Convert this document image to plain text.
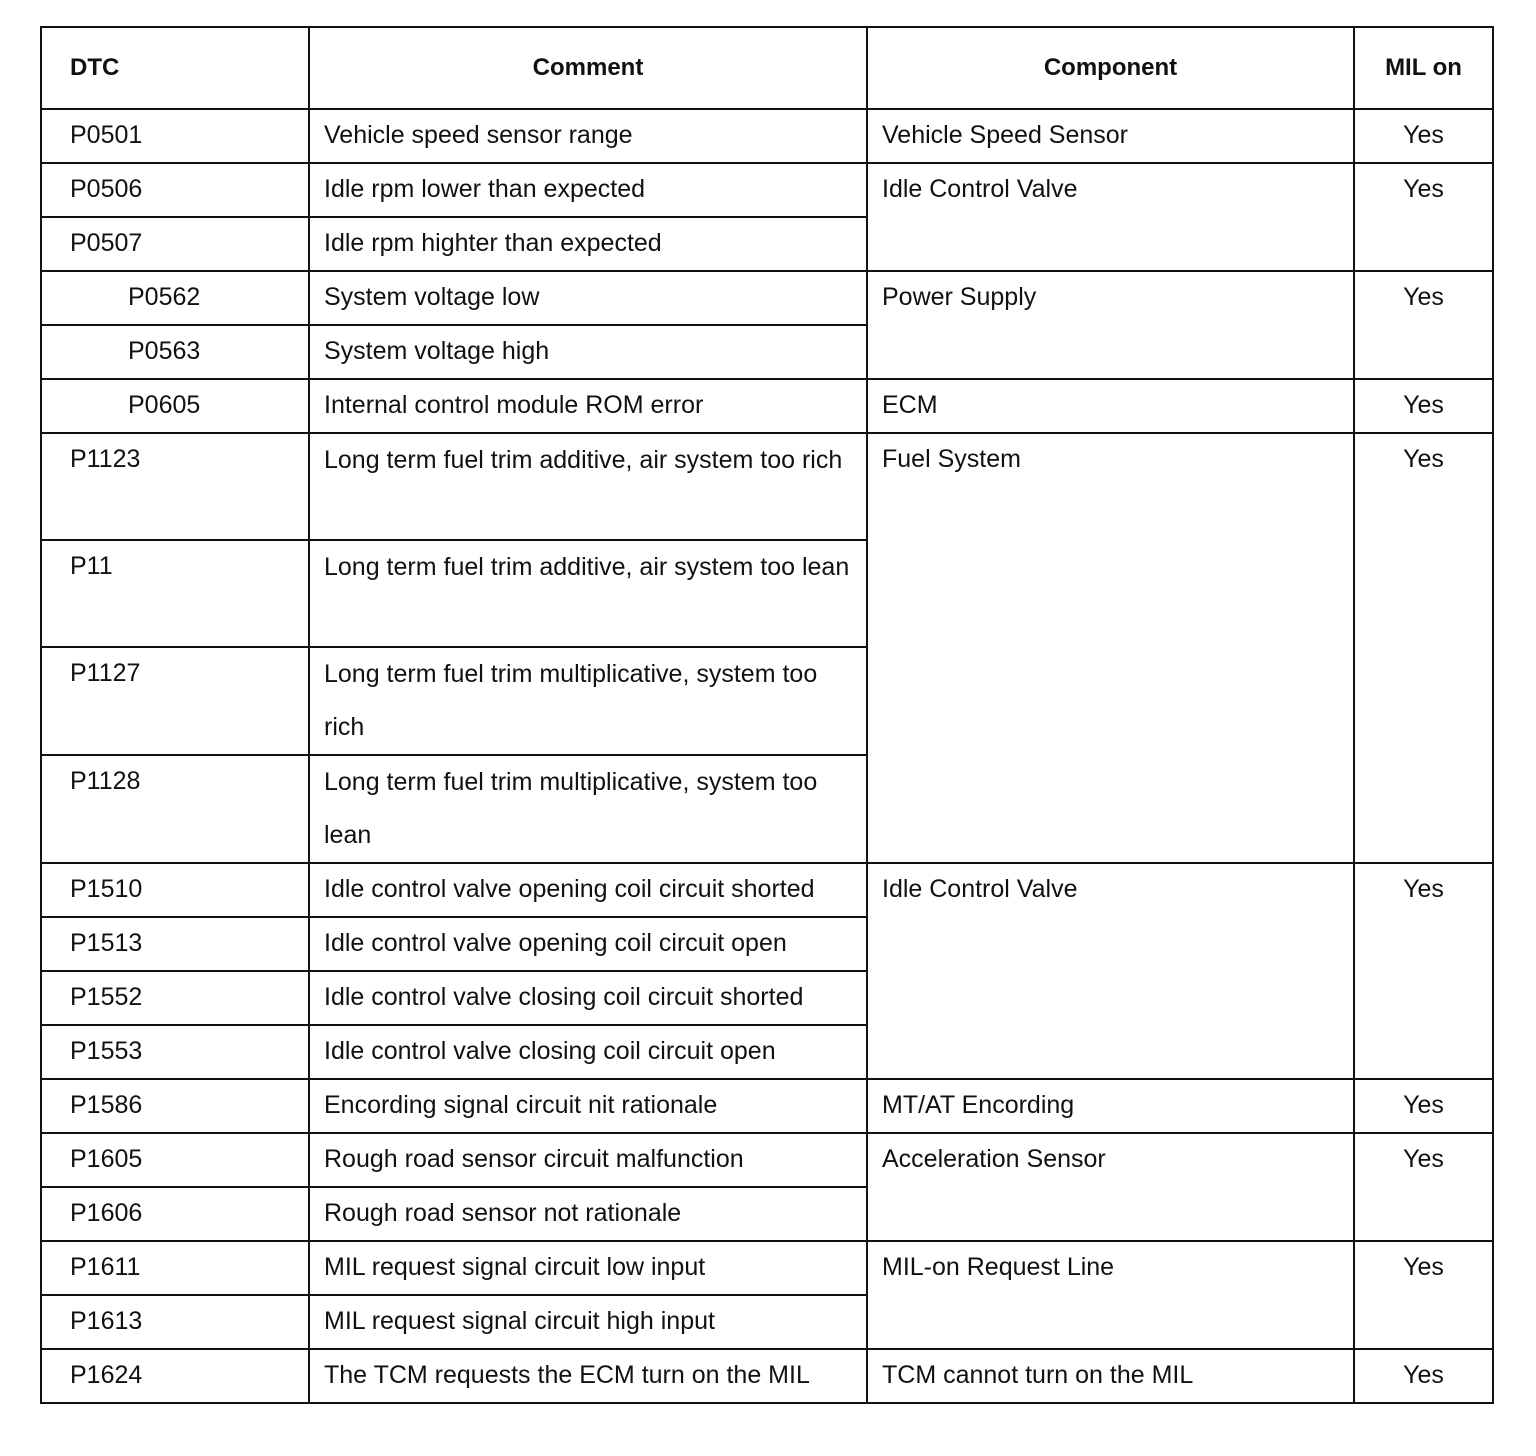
DTC	Comment	Component	MIL on
P0501	Vehicle speed sensor range	Vehicle Speed Sensor	Yes
P0506	Idle rpm lower than expected	Idle Control Valve	Yes
P0507	Idle rpm highter than expected		
P0562	System voltage low	Power Supply	Yes
P0563	System voltage high		
P0605	Internal control module ROM error	ECM	Yes
P1123	Long term fuel trim additive, air system too rich	Fuel System	Yes
P11	Long term fuel trim additive, air system too lean		
P1127	Long term fuel trim multiplicative, system too rich		
P1128	Long term fuel trim multiplicative, system too lean		
P1510	Idle control valve opening coil circuit shorted	Idle Control Valve	Yes
P1513	Idle control valve opening coil circuit open		
P1552	Idle control valve closing coil circuit shorted		
P1553	Idle control valve closing coil circuit open		
P1586	Encording signal circuit nit rationale	MT/AT Encording	Yes
P1605	Rough road sensor circuit malfunction	Acceleration Sensor	Yes
P1606	Rough road sensor not rationale		
P1611	MIL request signal circuit low input	MIL-on Request Line	Yes
P1613	MIL request signal circuit high input		
P1624	The TCM requests the ECM turn on the MIL	TCM cannot turn on the MIL	Yes
